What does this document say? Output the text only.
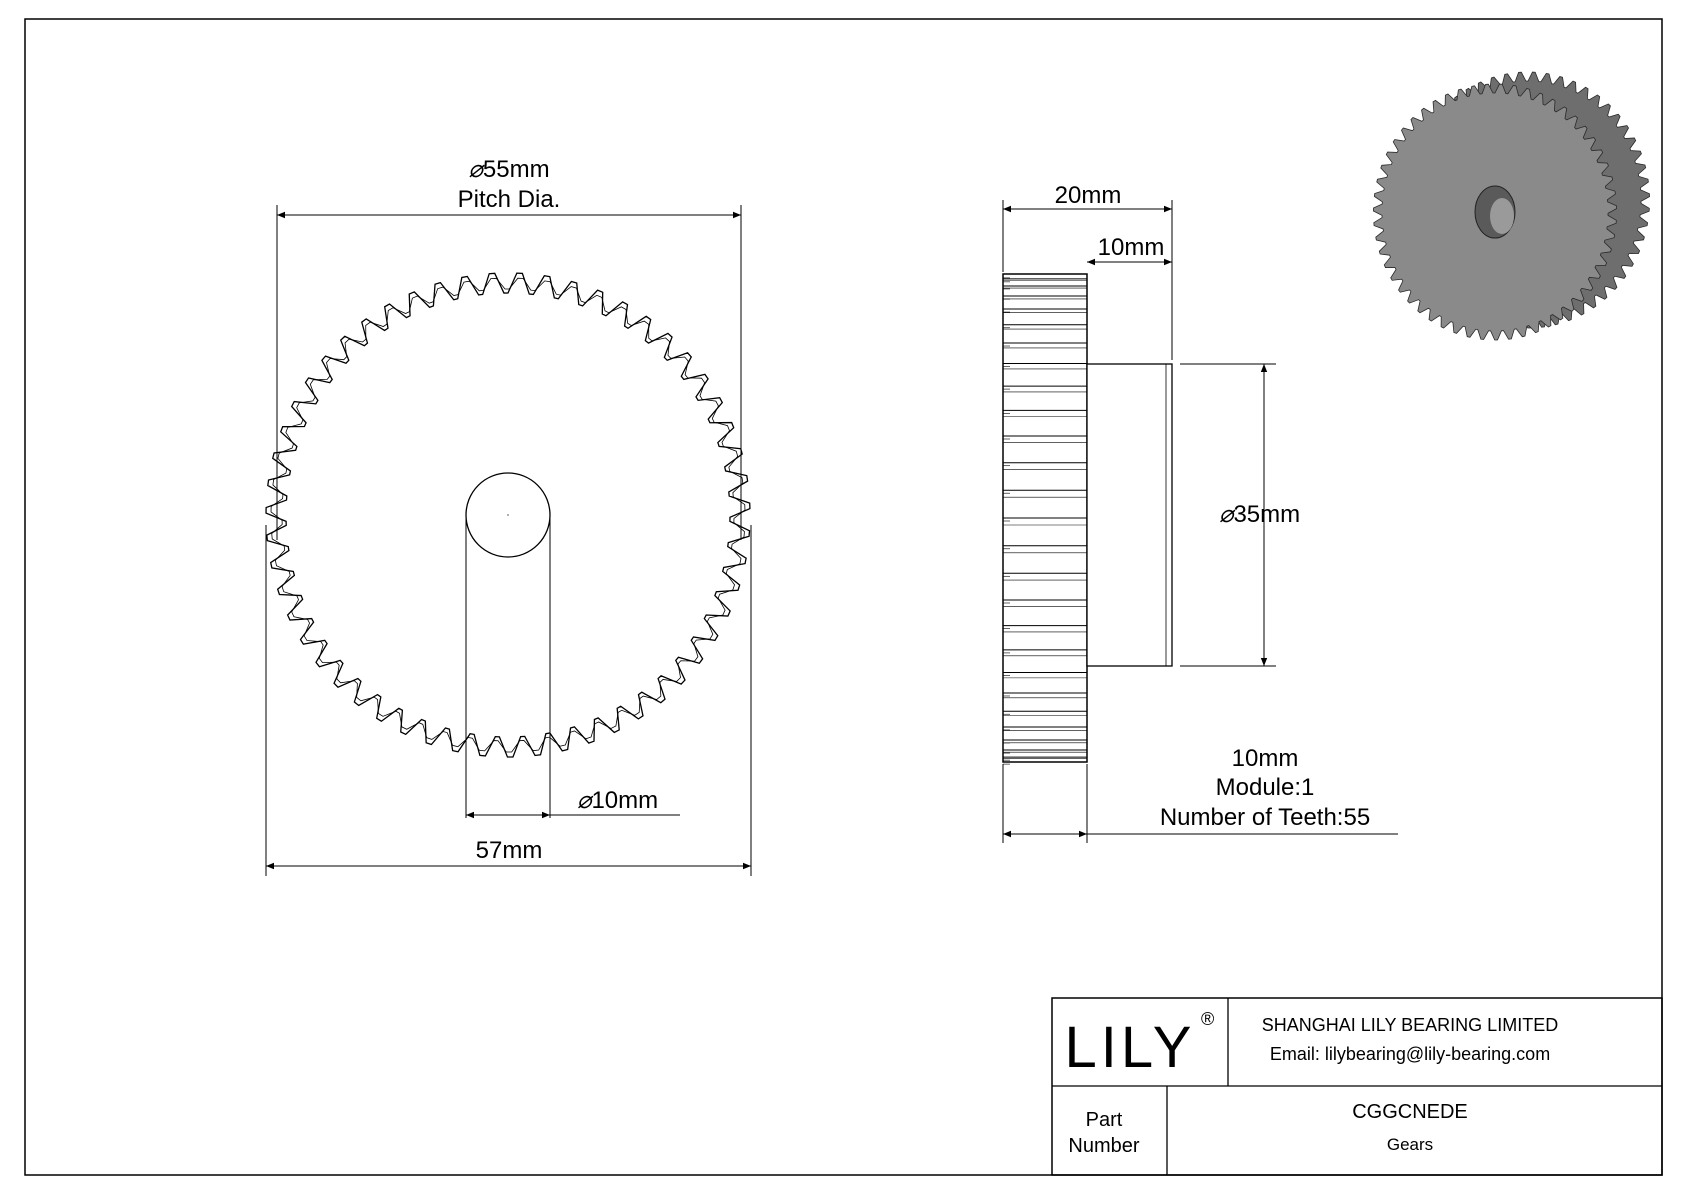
⌀55mm
Pitch Dia.
57mm
⌀10mm
20mm
10mm
⌀35mm
10mm
Module:1
Number of Teeth:55
LILY ®	SHANGHAI LILY BEARING LIMITED
Email: lilybearing@lily-bearing.com
Part
Number
CGGCNEDE
Gears
